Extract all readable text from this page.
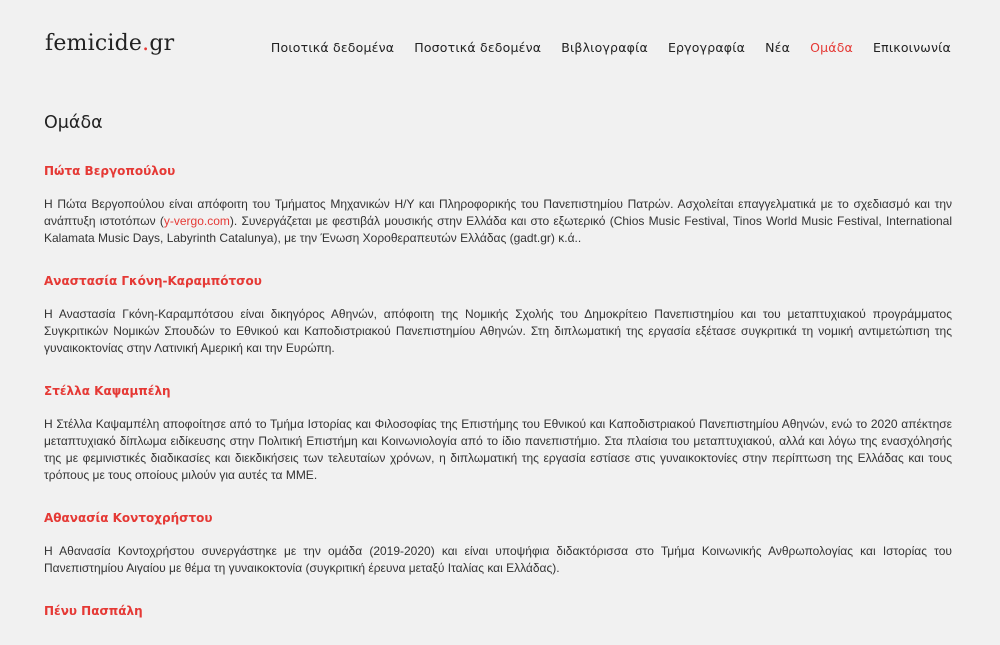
femicide.gr	Ποιοτικά δεδομένα Ποσοτικά δεδομένα Βιβλιογραφία Εργογραφία Νέα Ομάδα Επικοινωνία
Ομάδα
Πώτα Βεργοπούλου

Η Πώτα Βεργοπούλου είναι απόφοιτη του Τμήματος Μηχανικών Η/Υ και Πληροφορικής του Πανεπιστημίου Πατρών. Ασχολείται επαγγελματικά με το σχεδιασμό και την ανάπτυξη ιστοτόπων (y-vergo.com). Συνεργάζεται με φεστιβάλ μουσικής στην Ελλάδα και στο εξωτερικό (Chios Music Festival, Tinos World Music Festival, International Kalamata Music Days, Labyrinth Catalunya), με την Ένωση Χοροθεραπευτών Ελλάδας (gadt.gr) κ.ά..

Αναστασία Γκόνη-Καραμπότσου

Η Αναστασία Γκόνη-Καραμπότσου είναι δικηγόρος Αθηνών, απόφοιτη της Νομικής Σχολής του Δημοκρίτειο Πανεπιστημίου και του μεταπτυχιακού προγράμματος Συγκριτικών Νομικών Σπουδών το Εθνικού και Καποδιστριακού Πανεπιστημίου Αθηνών. Στη διπλωματική της εργασία εξέτασε συγκριτικά τη νομική αντιμετώπιση της γυναικοκτονίας στην Λατινική Αμερική και την Ευρώπη.

Στέλλα Καψαμπέλη

Η Στέλλα Καψαμπέλη αποφοίτησε από το Τμήμα Ιστορίας και Φιλοσοφίας της Επιστήμης του Εθνικού και Καποδιστριακού Πανεπιστημίου Αθηνών, ενώ το 2020 απέκτησε μεταπτυχιακό δίπλωμα ειδίκευσης στην Πολιτική Επιστήμη και Κοινωνιολογία από το ίδιο πανεπιστήμιο. Στα πλαίσια του μεταπτυχιακού, αλλά και λόγω της ενασχόλησής της με φεμινιστικές διαδικασίες και διεκδικήσεις των τελευταίων χρόνων, η διπλωματική της εργασία εστίασε στις γυναικοκτονίες στην περίπτωση της Ελλάδας και τους τρόπους με τους οποίους μιλούν για αυτές τα ΜΜΕ.

Αθανασία Κοντοχρήστου

Η Αθανασία Κοντοχρήστου συνεργάστηκε με την ομάδα (2019-2020) και είναι υποψήφια διδακτόρισσα στο Τμήμα Κοινωνικής Ανθρωπολογίας και Ιστορίας του Πανεπιστημίου Αιγαίου με θέμα τη γυναικοκτονία (συγκριτική έρευνα μεταξύ Ιταλίας και Ελλάδας).

Πένυ Πασπάλη
